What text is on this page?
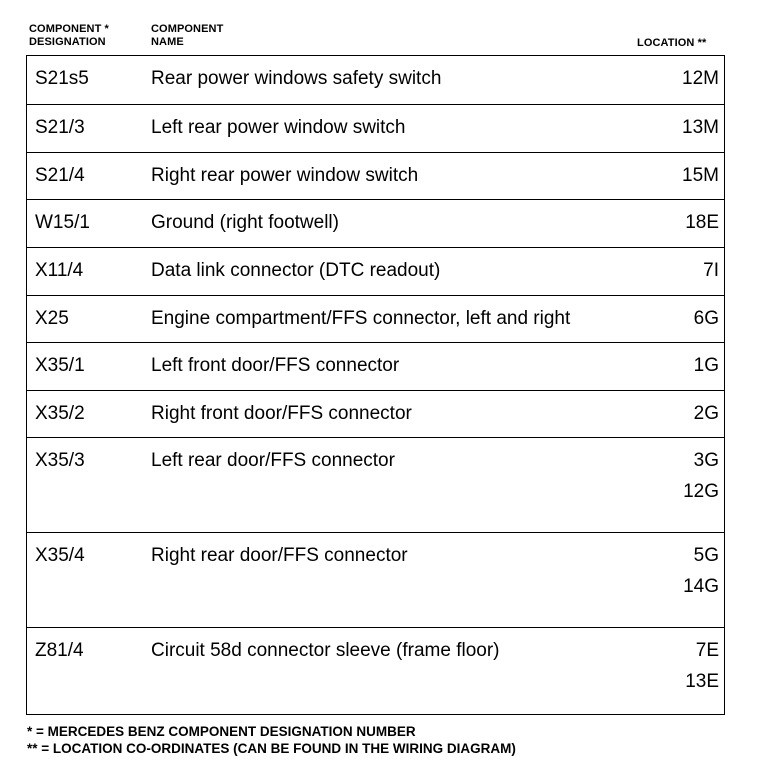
COMPONENT *
DESIGNATION
COMPONENT
NAME	LOCATION **
S21s5	Rear power windows safety switch	12M
S21/3	Left rear power window switch	13M
S21/4	Right rear power window switch	15M
W15/1	Ground (right footwell)	18E
X11/4	Data link connector (DTC readout)	7I
X25	Engine compartment/FFS connector, left and right	6G
X35/1	Left front door/FFS connector	1G
X35/2	Right front door/FFS connector	2G
X35/3	Left rear door/FFS connector	3G
12G
X35/4	Right rear door/FFS connector	5G
14G
Z81/4	Circuit 58d connector sleeve (frame floor)	7E
13E
* = MERCEDES BENZ COMPONENT DESIGNATION NUMBER
** = LOCATION CO-ORDINATES (CAN BE FOUND IN THE WIRING DIAGRAM)
